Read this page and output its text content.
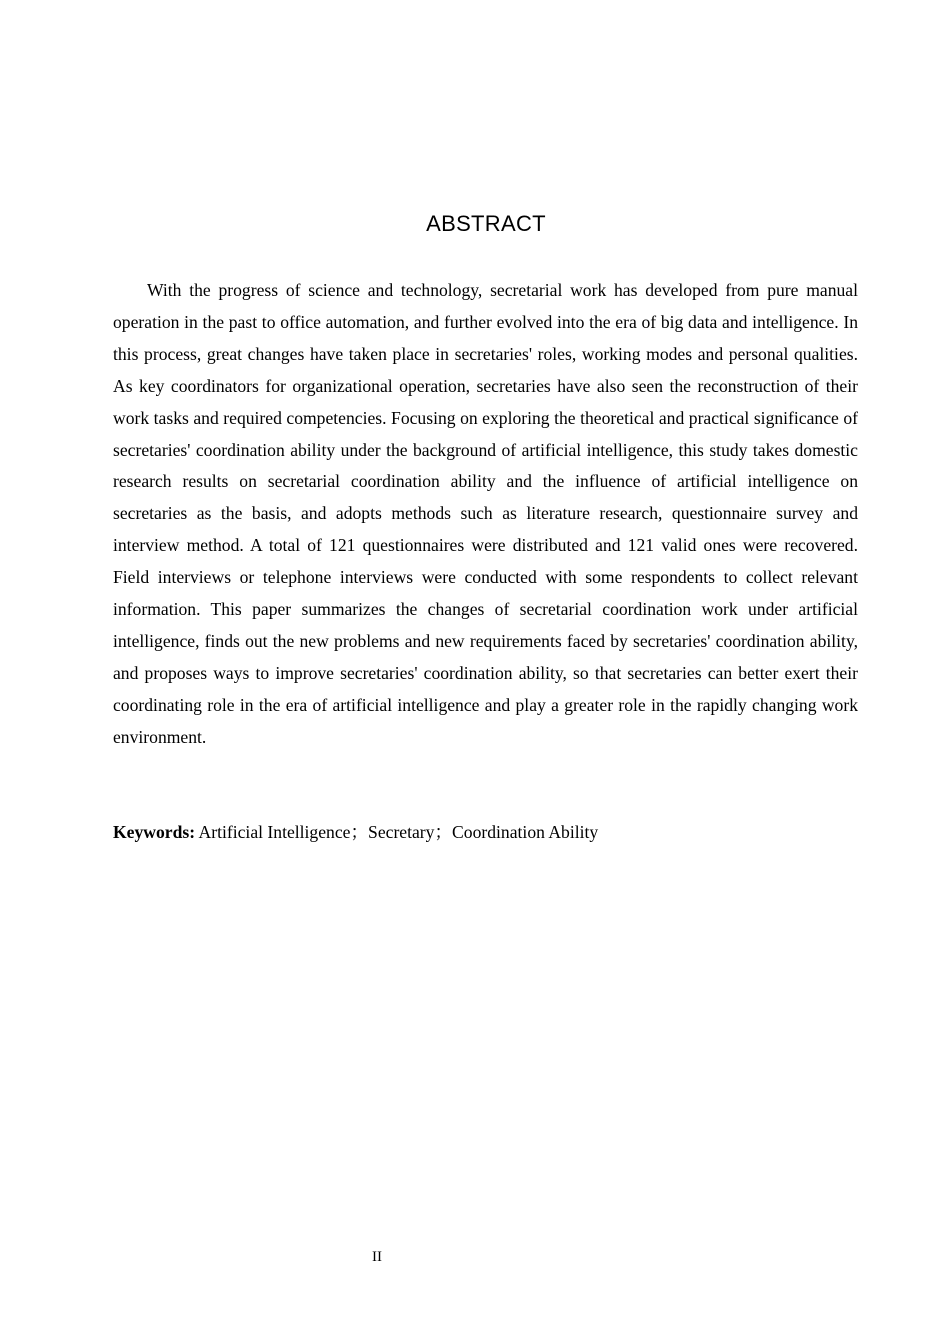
ABSTRACT

With the progress of science and technology, secretarial work has developed from pure manual operation in the past to office automation, and further evolved into the era of big data and intelligence. In this process, great changes have taken place in secretaries' roles, working modes and personal qualities. As key coordinators for organizational operation, secretaries have also seen the reconstruction of their work tasks and required competencies. Focusing on exploring the theoretical and practical significance of secretaries' coordination ability under the background of artificial intelligence, this study takes domestic research results on secretarial coordination ability and the influence of artificial intelligence on secretaries as the basis, and adopts methods such as literature research, questionnaire survey and interview method. A total of 121 questionnaires were distributed and 121 valid ones were recovered. Field interviews or telephone interviews were conducted with some respondents to collect relevant information. This paper summarizes the changes of secretarial coordination work under artificial intelligence, finds out the new problems and new requirements faced by secretaries' coordination ability, and proposes ways to improve secretaries' coordination ability, so that secretaries can better exert their coordinating role in the era of artificial intelligence and play a greater role in the rapidly changing work environment.

Keywords: Artificial Intelligence；Secretary；Coordination Ability

II
